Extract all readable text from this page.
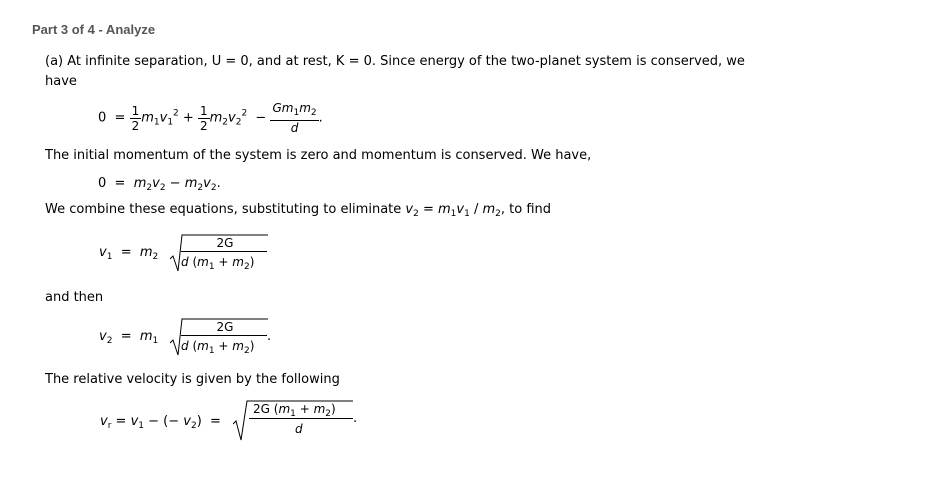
Part 3 of 4 - Analyze
(a) At infinite separation, U = 0, and at rest, K = 0. Since energy of the two-planet system is conserved, we have
$0 = \frac{1}{2} m_1v_1^2 + \frac{1}{2} m_2v_2^2 - \frac{Gm_1m_2}{d}$ .
The initial momentum of the system is zero and momentum is conserved. We have,
$0 = m_2v_2 - m_2v_2$.
We combine these equations, substituting to eliminate $v_2 = m_1v_1 / m_2$, to find
$v_1 = m_2$
2G
d $(m_1 + m_2)$
and then
$v_2 = m_1$
2G
d $(m_1 + m_2)$
.
The relative velocity is given by the following
$v_r = v_1$ − (− $v_2$)  =
2G $(m_1 + m_2)$
d
.
